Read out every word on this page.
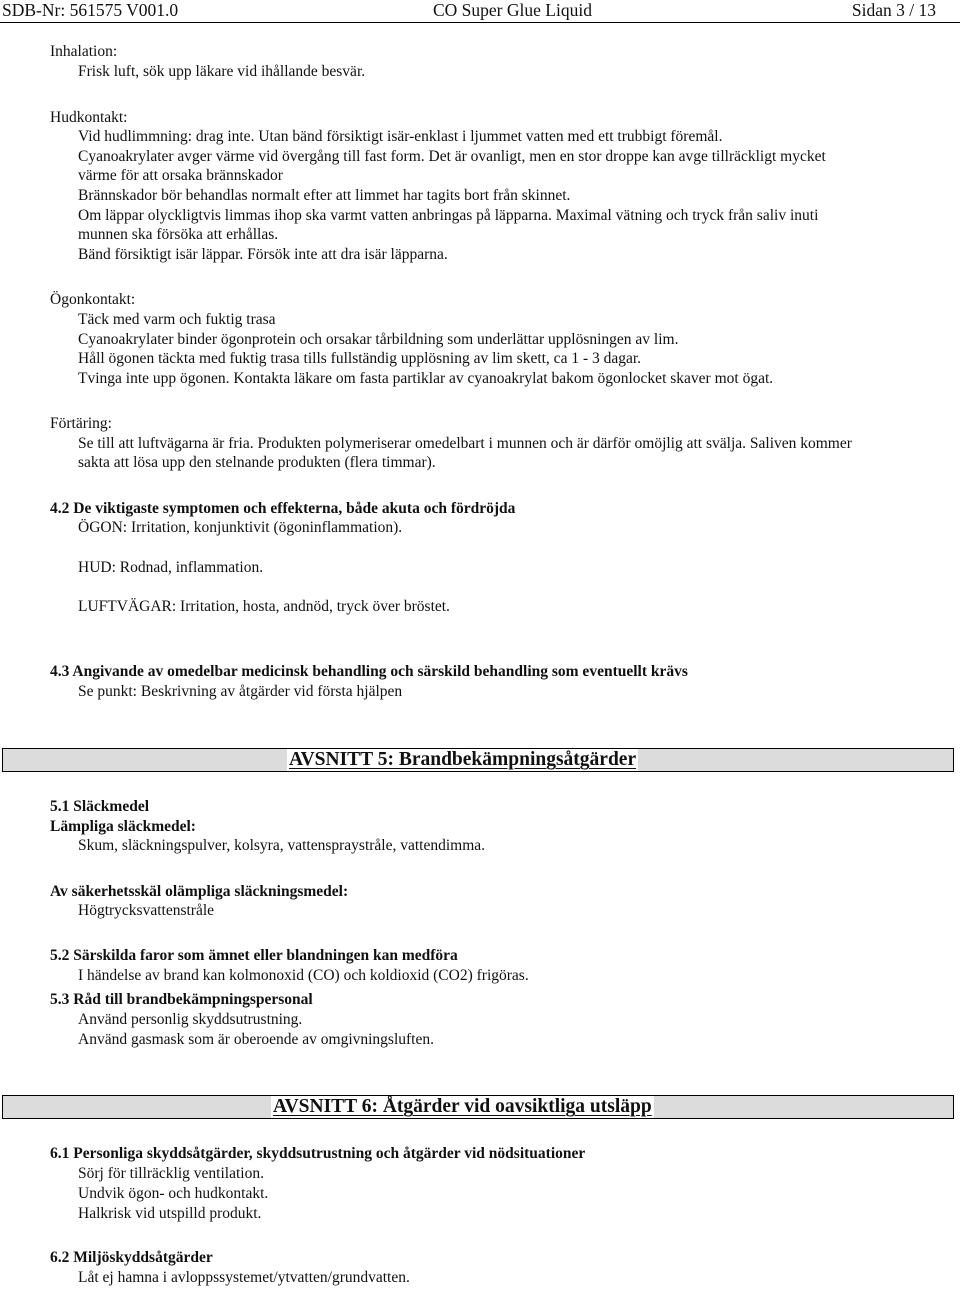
SDB-Nr: 561575 V001.0	CO Super Glue Liquid	Sidan 3 / 13
Inhalation:
Frisk luft, sök upp läkare vid ihållande besvär.
Hudkontakt:
Vid hudlimmning: drag inte. Utan bänd försiktigt isär-enklast i ljummet vatten med ett trubbigt föremål.
Cyanoakrylater avger värme vid övergång till fast form. Det är ovanligt, men en stor droppe kan avge tillräckligt mycket
värme för att orsaka brännskador
Brännskador bör behandlas normalt efter att limmet har tagits bort från skinnet.
Om läppar olyckligtvis limmas ihop ska varmt vatten anbringas på läpparna. Maximal vätning och tryck från saliv inuti
munnen ska försöka att erhållas.
Bänd försiktigt isär läppar. Försök inte att dra isär läpparna.
Ögonkontakt:
Täck med varm och fuktig trasa
Cyanoakrylater binder ögonprotein och orsakar tårbildning som underlättar upplösningen av lim.
Håll ögonen täckta med fuktig trasa tills fullständig upplösning av lim skett, ca 1 - 3 dagar.
Tvinga inte upp ögonen. Kontakta läkare om fasta partiklar av cyanoakrylat bakom ögonlocket skaver mot ögat.
Förtäring:
Se till att luftvägarna är fria. Produkten polymeriserar omedelbart i munnen och är därför omöjlig att svälja. Saliven kommer
sakta att lösa upp den stelnande produkten (flera timmar).
4.2 De viktigaste symptomen och effekterna, både akuta och fördröjda
ÖGON: Irritation, konjunktivit (ögoninflammation).
HUD: Rodnad, inflammation.
LUFTVÄGAR: Irritation, hosta, andnöd, tryck över bröstet.
4.3 Angivande av omedelbar medicinsk behandling och särskild behandling som eventuellt krävs
Se punkt: Beskrivning av åtgärder vid första hjälpen
AVSNITT 5: Brandbekämpningsåtgärder
5.1 Släckmedel
Lämpliga släckmedel:
Skum, släckningspulver, kolsyra, vattenspraystråle, vattendimma.
Av säkerhetsskäl olämpliga släckningsmedel:
Högtrycksvattenstråle
5.2 Särskilda faror som ämnet eller blandningen kan medföra
I händelse av brand kan kolmonoxid (CO) och koldioxid (CO2) frigöras.
5.3 Råd till brandbekämpningspersonal
Använd personlig skyddsutrustning.
Använd gasmask som är oberoende av omgivningsluften.
AVSNITT 6: Åtgärder vid oavsiktliga utsläpp
6.1 Personliga skyddsåtgärder, skyddsutrustning och åtgärder vid nödsituationer
Sörj för tillräcklig ventilation.
Undvik ögon- och hudkontakt.
Halkrisk vid utspilld produkt.
6.2 Miljöskyddsåtgärder
Låt ej hamna i avloppssystemet/ytvatten/grundvatten.
